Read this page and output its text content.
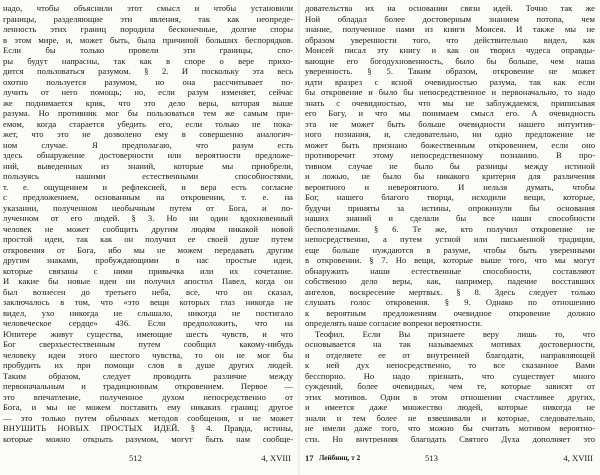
надо, чтобы объяснили этот смысл и чтобы установили
границы, разделяющие эти явления, так как неопреде-
ленность этих границ породила бесконечные, долгие споры
в этом мире, и, может быть, была причиной больших беспорядков.
Если бы только провели эти границы, спо-
ры будут напрасны, так как в споре о вере прихо-
дится пользоваться разумом. § 2. И поскольку эта весь
охотно пользуется разумом, но она рассчитывает по-
лучить от него помощь; но, если разум изменяет, сейчас
же поднимается крик, что это дело веры, которая выше
разума. Но противник мог бы пользоваться тем же самым при-
емом, когда старается убедить его, если только не пока-
жет, что это не дозволено ему в совершенно аналогич-
ном случае. Я предполагаю, что разум есть
здесь обнаружение достоверности или вероятности предложе-
ний, выведенных из знаний, которые мы приобрели,
пользуясь нашими естественными способностями,
т. е. ощущением и рефлексией, и вера есть согласие
с предложением, основанным на откровении, т. е. на
указании, полученном необычным путем от Бога, и по-
лученном от его людей. § 3. Но ни один вдохновенный
человек не может сообщить другим людям никакой новой
простой идеи, так как он получил ее своей душе путем
откровения от Бога, ибо мы не можем передавать другим
другим знаками, пробуждающими в нас простые идеи,
которые связаны с ними привычка или их сочетание.
И какие бы новые идеи ни получил апостол Павел, когда он
был вознесен до третьего неба, все, что он сказал,
заключалось в том, что «это вещи которых глаз никогда не
видел, ухо никогда не слышало, никогда не постигало
человеческое сердце» 436. Если предположить, что на
Юпитере живут существа, имеющие шесть чувств, и что
Бог сверхъестественным путем сообщил какому-нибудь
человеку идеи этого шестого чувства, то он не мог бы
пробудить их при помощи слов в душе других людей.
Таким образом, следует проводить различие между
первоначальным и традиционным откровением. Первое —
это впечатление, полученное духом непосредственно от
Бога, и мы не можем поставить ему никаких границ; другое
— это только путем обычных методов сообщения, и не может
ВНУШИТЬ НОВЫХ ПРОСТЫХ ИДЕЙ. § 4. Правда, истины,
которые можно открыть разумом, могут быть нам сообще-
512	4, XVIII
довательства их на основании связи идей. Точно так же
Ной обладал более достоверным знанием потопа, чем
знание, полученное нами из книги Моисея. И также мы не
образом уверенности того, что действительно видел, как
Моисей писал эту книгу и как он творил чудеса оправды-
вающие его богодухновенность, было бы больше, чем наша
уверенность. § 5. Таким образом, откровение не может
идти вразрез с ясной очевидностью разума, так как если
бы откровение и было бы непосредственное и первоначально, то надо
знать с очевидностью, что мы не заблуждаемся, приписывая
его Богу, и что мы понимаем смысл его. А очевидность
эта не может быть больше очевидности нашего интуитив-
ного познания, и, следовательно, ни одно предложение не
может быть признано божественным откровением, если оно
противоречит этому непосредственному познанию. В про-
тивном случае не было бы разницы между истиной
и ложью, не было бы никакого критерия для различения
вероятного и невероятного. И нельзя думать, чтобы
Бог, нашего благого творца, исходили вещи, которые,
будучи приняты за истины, опрокинули бы основания
наших знаний и сделали бы все наши способности
бесполезными. § 6. Те же, кто получил откровение не
непосредственно, а путем устной или письменной традиции,
еще больше нуждаются в разуме, чтобы быть уверенными
в откровении. § 7. Но вещи, которые выше того, что мы могут
обнаружить наши естественные способности, составляют
собственно дело веры, как, например, падение восставших
ангелов, воскресение мертвых. § 8. Здесь следует только
слушать голос откровения. § 9. Однако по отношению
к вероятным предложениям очевидное откровение должно
определять наше согласие вопреки вероятности.
Теофил. Если Вы признаете веру лишь то, что
основывается на так называемых мотивах достоверности,
и отделяете ее от внутренней благодати, направляющей
к ней дух непосредственно, то все сказанное Вами
бесспорно. Но надо признать, что существует много
суждений, более очевидных, чем те, которые зависят от
этих мотивов. Одни в этом отношении счастливее других,
и имеется даже множество людей, которые никогда не
знали и тем более не взвешивали и которые, следовательно,
не имели даже того, что можно бы считать мотивом вероятно-
сти. Но внутренняя благодать Святого Духа дополняет это
17 Лейбниц, т 2	513	4, XVIII
